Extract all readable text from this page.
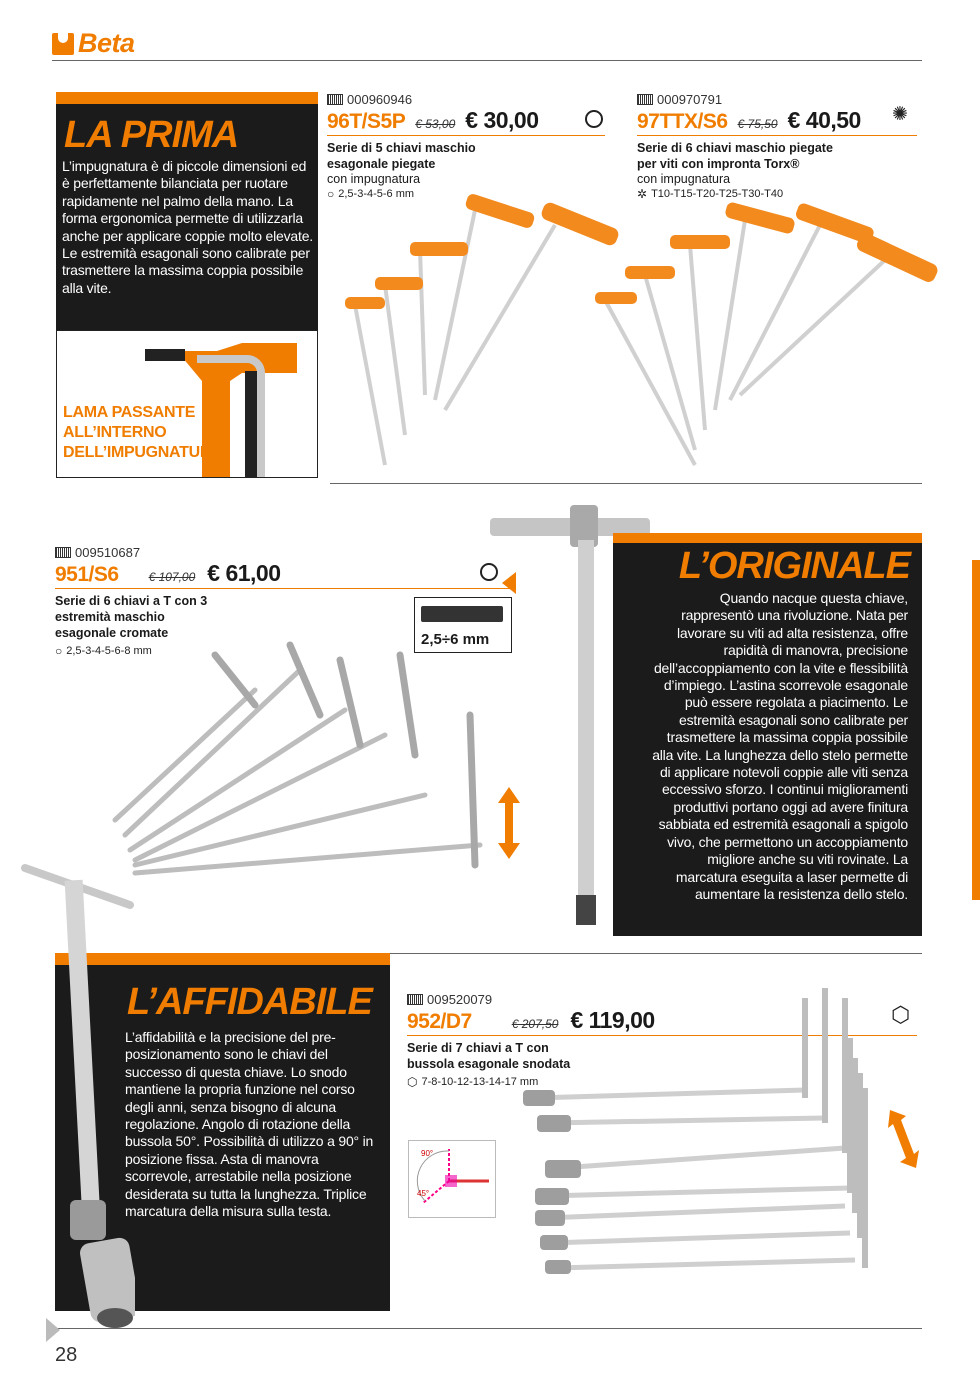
Beta
LA PRIMA

L’impugnatura è di piccole dimensioni ed è perfettamente bilanciata per ruotare rapidamente nel palmo della mano. La forma ergonomica permette di utilizzarla anche per applicare coppie molto elevate. Le estremità esagonali sono calibrate per trasmettere la massima coppia possibile alla vite.

LAMA PASSANTE ALL’INTERNO DELL’IMPUGNATURA

000960946
96T/S5P € 53,00 € 30,00
Serie di 5 chiavi maschio esagonale piegate
con impugnatura
○ 2,5-3-4-5-6 mm
000970791
97TTX/S6 € 75,50 € 40,50 ✺
Serie di 6 chiavi maschio piegate per viti con impronta Torx®
con impugnatura
✲ T10-T15-T20-T25-T30-T40
009510687
951/S6	€ 107,00 € 61,00
Serie di 6 chiavi a T con 3 estremità maschio esagonale cromate
○ 2,5-3-4-5-6-8 mm
2,5÷6 mm
L’ORIGINALE

Quando nacque questa chiave, rappresentò una rivoluzione. Nata per lavorare su viti ad alta resistenza, offre rapidità di manovra, precisione dell’accoppiamento con la vite e flessibilità d’impiego. L’astina scorrevole esagonale può essere regolata a piacimento. Le estremità esagonali sono calibrate per trasmettere la massima coppia possibile alla vite. La lunghezza dello stelo permette di applicare notevoli coppie alle viti senza eccessivo sforzo. I continui miglioramenti produttivi portano oggi ad avere finitura sabbiata ed estremità esagonali a spigolo vivo, che permettono un accoppiamento migliore anche su viti rovinate. La marcatura eseguita a laser permette di aumentare la resistenza dello stelo.

L’AFFIDABILE

L’affidabilità e la precisione del pre-posizionamento sono le chiavi del successo di questa chiave. Lo snodo mantiene la propria funzione nel corso degli anni, senza bisogno di alcuna regolazione. Angolo di rotazione della bussola 50°. Possibilità di utilizzo a 90° in posizione fissa. Asta di manovra scorrevole, arrestabile nella posizione desiderata su tutta la lunghezza. Triplice marcatura della misura sulla testa.

009520079
952/D7	€ 207,50 € 119,00	⬡
Serie di 7 chiavi a T con bussola esagonale snodata
⬡ 7-8-10-12-13-14-17 mm
90°
45°
28
